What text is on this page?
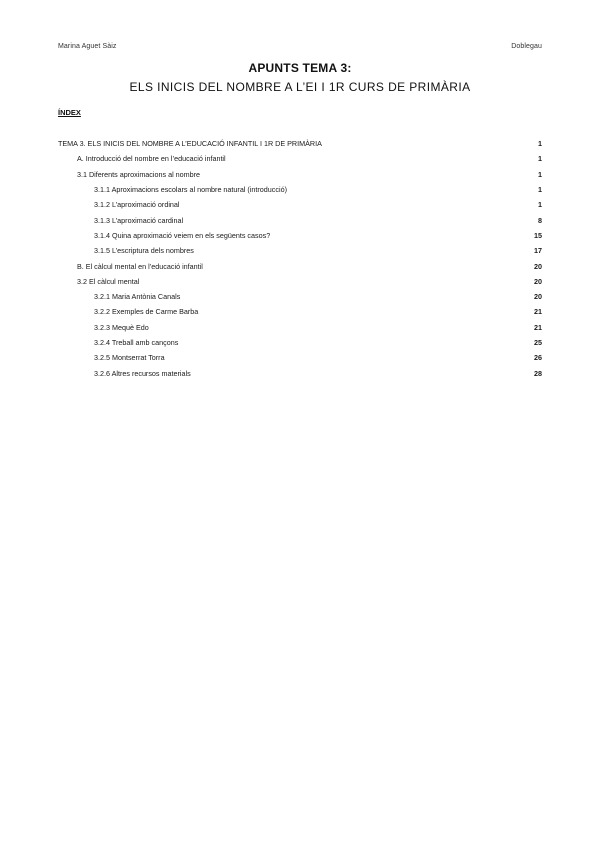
Marina Aguet Sàiz	Doblegau

APUNTS TEMA 3:

ELS INICIS DEL NOMBRE A L’EI I 1R CURS DE PRIMÀRIA

ÍNDEX
TEMA 3. ELS INICIS DEL NOMBRE A L’EDUCACIÓ INFANTIL I 1R DE PRIMÀRIA	1
A. Introducció del nombre en l’educació infantil	1
3.1 Diferents aproximacions al nombre	1
3.1.1 Aproximacions escolars al nombre natural (introducció)	1
3.1.2 L’aproximació ordinal	1
3.1.3 L’aproximació cardinal	8
3.1.4 Quina aproximació veiem en els següents casos?	15
3.1.5 L’escriptura dels nombres	17
B. El càlcul mental en l’educació infantil	20
3.2 El càlcul mental	20
3.2.1 Maria Antònia Canals	20
3.2.2 Exemples de Carme Barba	21
3.2.3 Mequè Edo	21
3.2.4 Treball amb cançons	25
3.2.5 Montserrat Torra	26
3.2.6 Altres recursos materials	28
